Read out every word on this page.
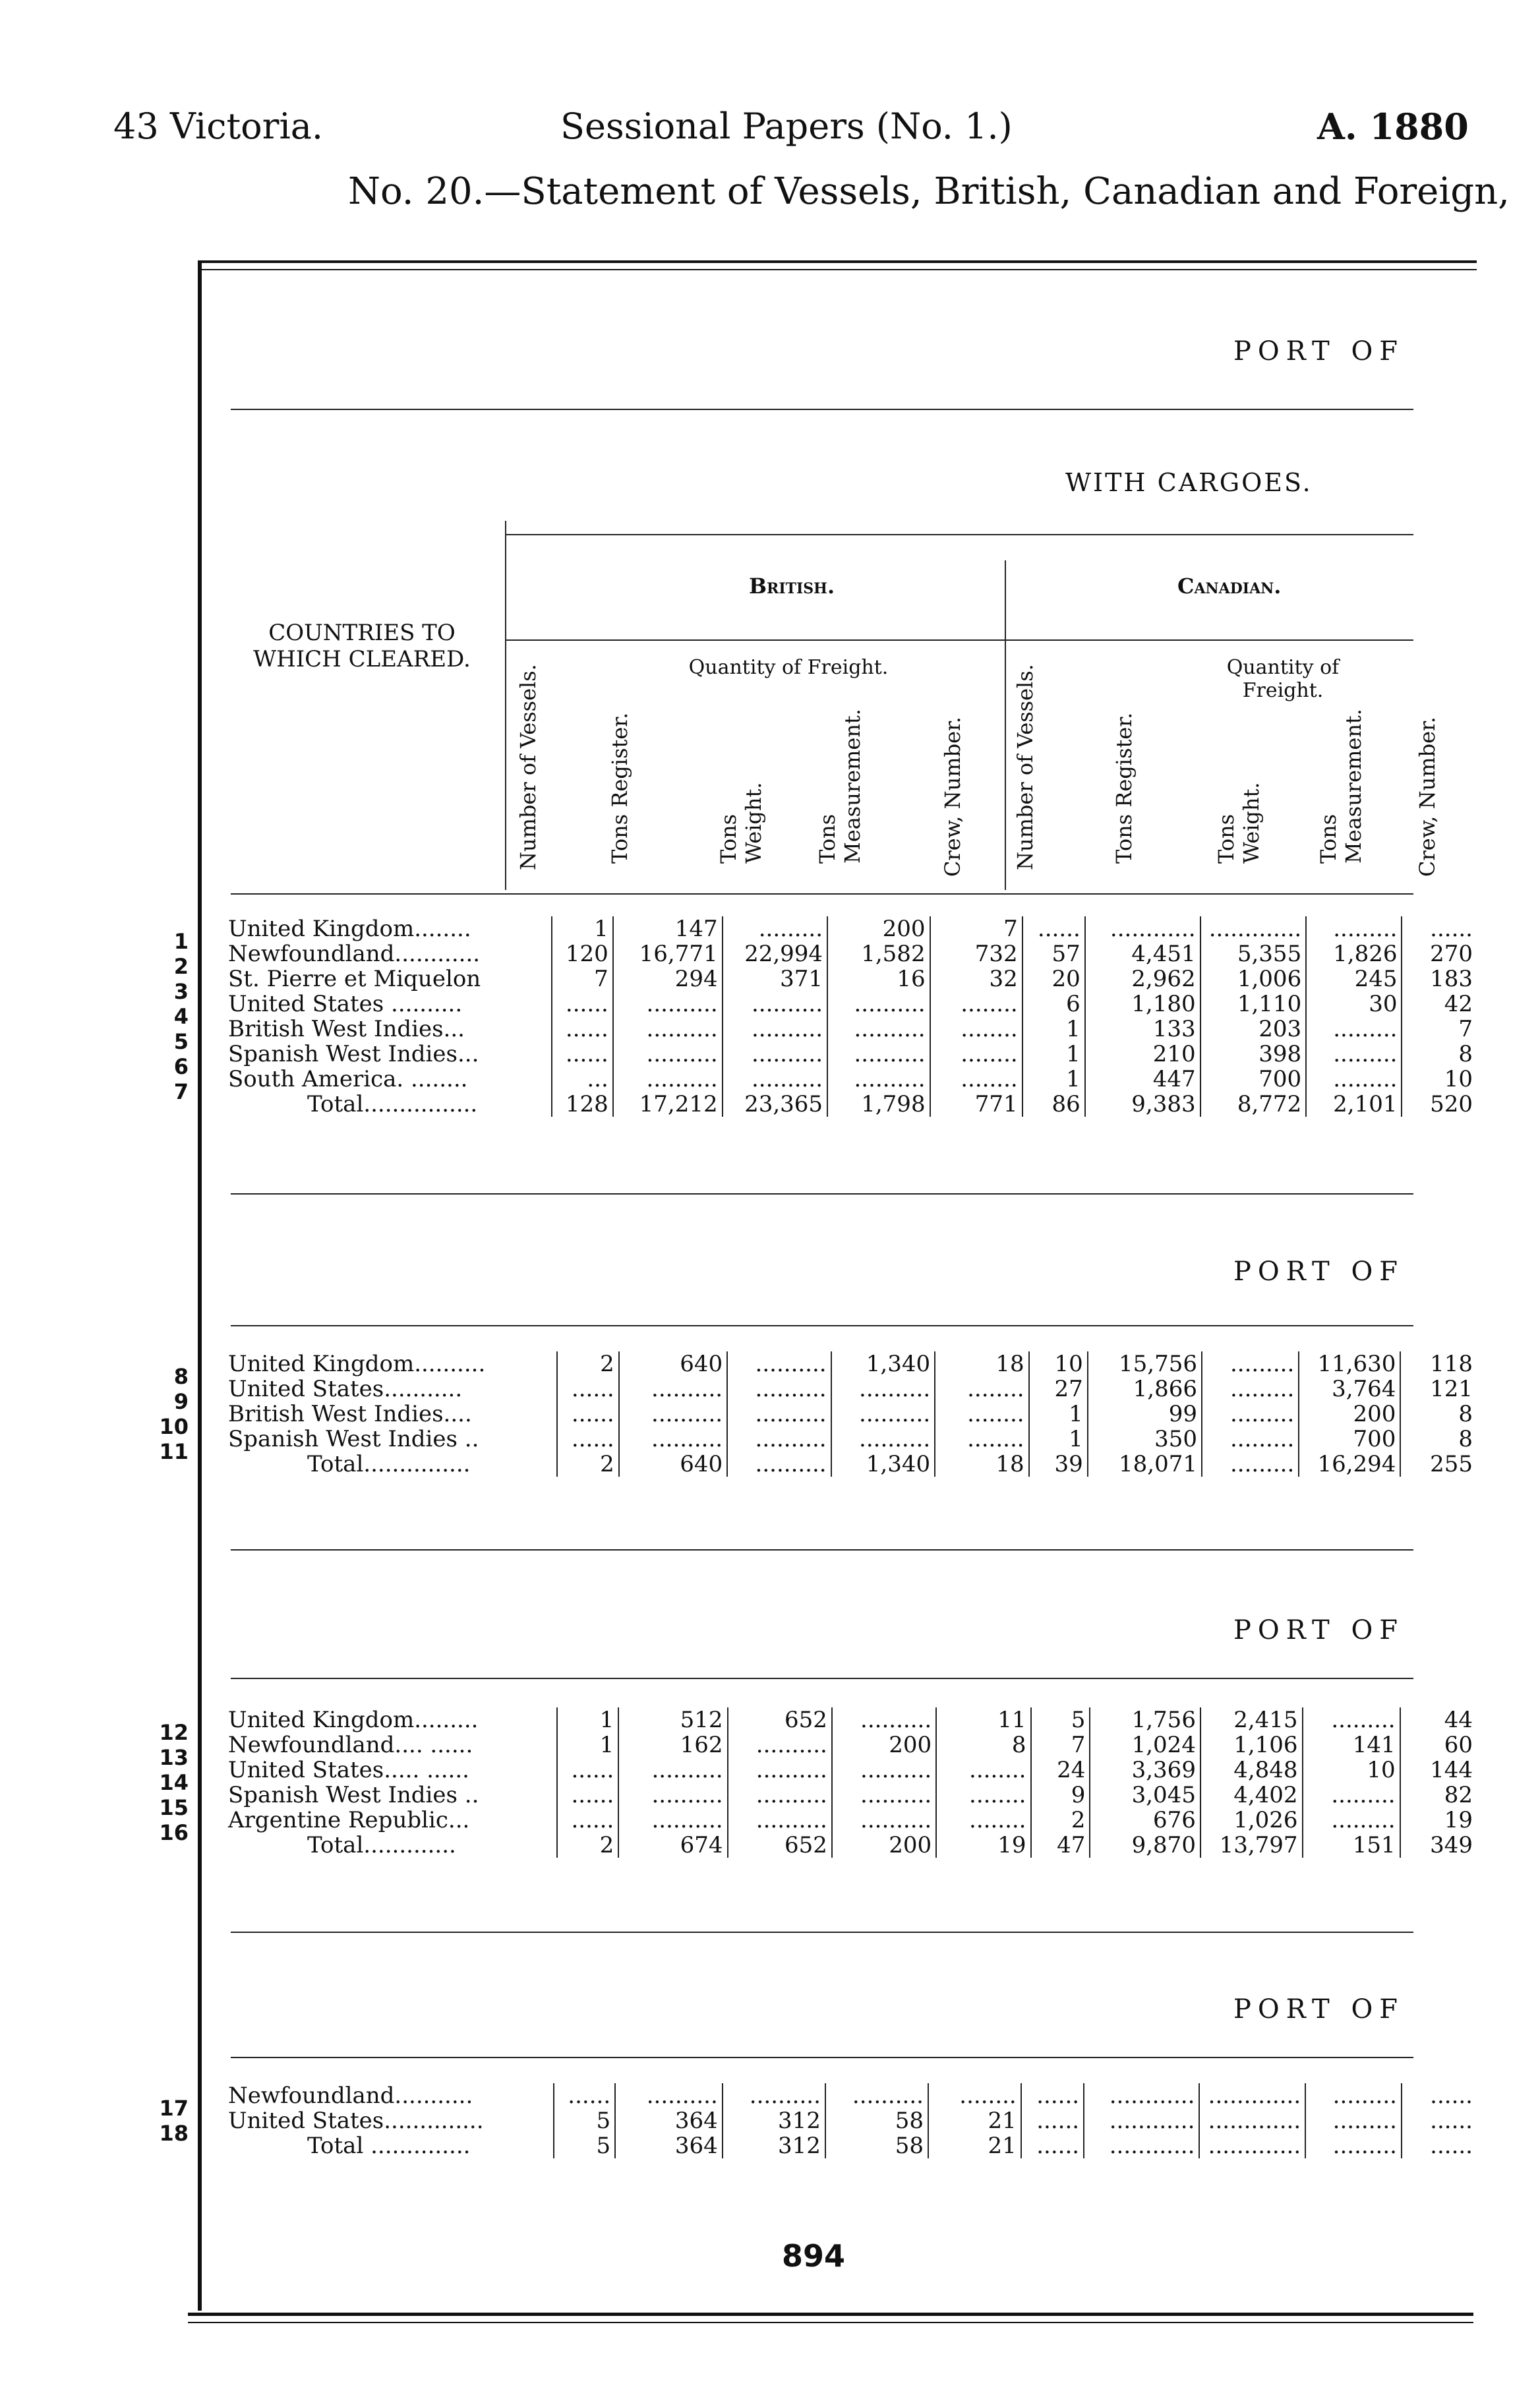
43 Victoria.	Sessional Papers (No. 1.)	A. 1880
No. 20.—Statement of Vessels, British, Canadian and Foreign,
PORT OF
WITH CARGOES.
British.	Canadian.
COUNTRIES TO WHICH CLEARED.
Number of Vessels.	Tons Register.
Quantity of Freight.
Tons Weight. Tons Measurement.	Crew, Number. Number of Vessels.	Tons Register.
Quantity of Freight.
Tons Weight. Tons Measurement. Crew, Number.
1	United Kingdom........	1	147	.........	200	7	......	............	.............	.........	......

2	Newfoundland............	120	16,771	22,994	1,582	732	57	4,451	5,355	1,826	270

3	St. Pierre et Miquelon	7	294	371	16	32	20	2,962	1,006	245	183

4	United States ..........	......	..........	..........	..........	........	6	1,180	1,110	30	42

5	British West Indies...	......	..........	..........	..........	........	1	133	203	.........	7

6	Spanish West Indies...	......	..........	..........	..........	........	1	210	398	.........	8

7	South America. ........	...	..........	..........	..........	........	1	447	700	.........	10
	Total................	128	17,212	23,365	1,798	771	86	9,383	8,772	2,101	520
PORT OF
8	United Kingdom..........	2	640	..........	1,340	18	10	15,756	.........	11,630	118

9	United States...........	......	..........	..........	..........	........	27	1,866	.........	3,764	121

10	British West Indies....	......	..........	..........	..........	........	1	99	.........	200	8

11	Spanish West Indies ..	......	..........	..........	..........	........	1	350	.........	700	8
	Total...............	2	640	..........	1,340	18	39	18,071	.........	16,294	255
PORT OF
12	United Kingdom.........	1	512	652	..........	11	5	1,756	2,415	.........	44

13	Newfoundland.... ......	1	162	..........	200	8	7	1,024	1,106	141	60

14	United States..... ......	......	..........	..........	..........	........	24	3,369	4,848	10	144

15	Spanish West Indies ..	......	..........	..........	..........	........	9	3,045	4,402	.........	82

16	Argentine Republic...	......	..........	..........	..........	........	2	676	1,026	.........	19
	Total.............	2	674	652	200	19	47	9,870	13,797	151	349
PORT OF
17	Newfoundland...........	......	..........	..........	..........	........	......	............	.............	.........	......

18	United States..............	5	364	312	58	21	......	............	.............	.........	......
	Total ..............	5	364	312	58	21	......	............	.............	.........	......
894
